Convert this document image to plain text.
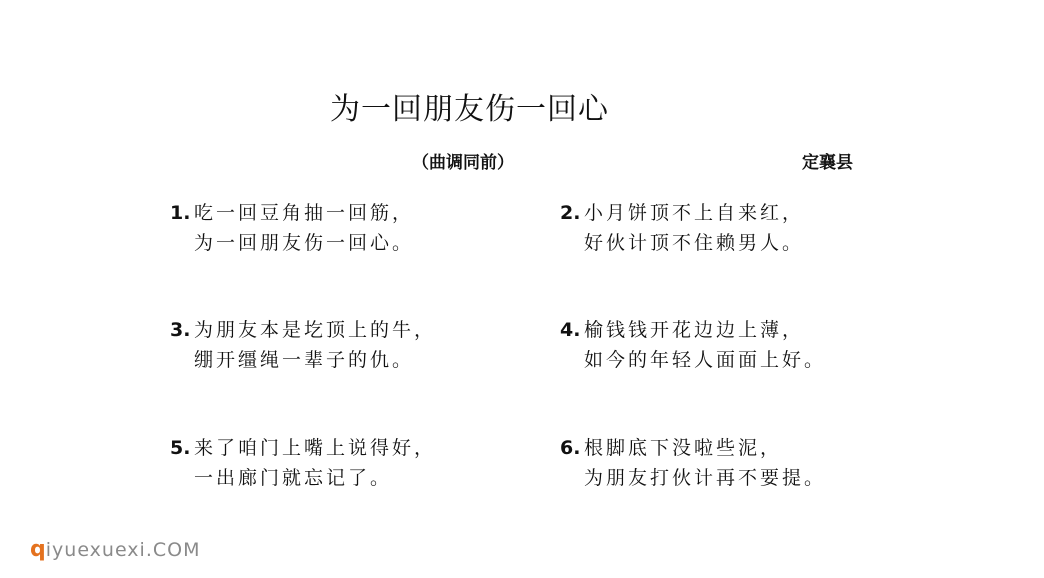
为一回朋友伤一回心
（曲调同前）	定襄县
1. 吃一回豆角抽一回筋，
为一回朋友伤一回心。
2. 小月饼顶不上自来红，
好伙计顶不住赖男人。
3. 为朋友本是圪顶上的牛，
绷开缰绳一辈子的仇。
4. 榆钱钱开花边边上薄，
如今的年轻人面面上好。
5. 来了咱门上嘴上说得好，
一出廊门就忘记了。
6. 根脚底下没啦些泥，
为朋友打伙计再不要提。
qiyuexuexi.COM
